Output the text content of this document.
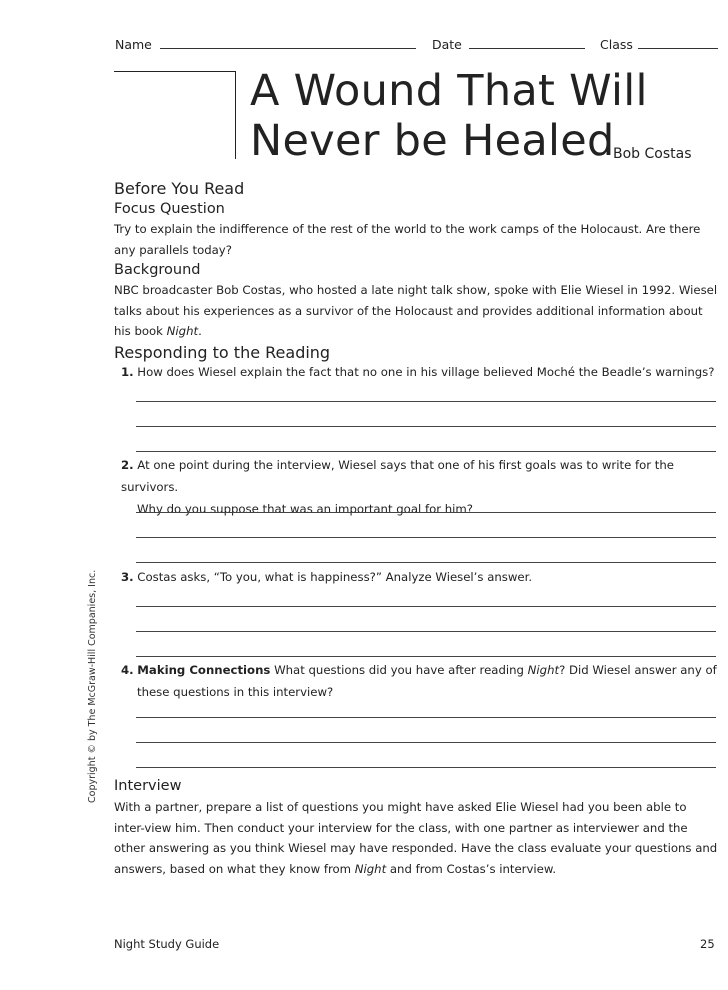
Name	Date	Class
A Wound That Will
Never be Healed
Bob Costas
Before You Read
Focus Question
Try to explain the indifference of the rest of the world to the work camps of the Holocaust. Are there any parallels today?
Background
NBC broadcaster Bob Costas, who hosted a late night talk show, spoke with Elie Wiesel in 1992. Wiesel talks about his experiences as a survivor of the Holocaust and provides additional information about his book Night.
Responding to the Reading
1. How does Wiesel explain the fact that no one in his village believed Moché the Beadle’s warnings?
2. At one point during the interview, Wiesel says that one of his first goals was to write for the survivors.
Why do you suppose that was an important goal for him?
3. Costas asks, “To you, what is happiness?” Analyze Wiesel’s answer.
4. Making Connections What questions did you have after reading Night? Did Wiesel answer any of
these questions in this interview?
Interview
With a partner, prepare a list of questions you might have asked Elie Wiesel had you been able to inter-view him. Then conduct your interview for the class, with one partner as interviewer and the other answering as you think Wiesel may have responded. Have the class evaluate your questions and answers, based on what they know from Night and from Costas’s interview.
Copyright © by The McGraw-Hill Companies, Inc.
Night Study Guide	25
